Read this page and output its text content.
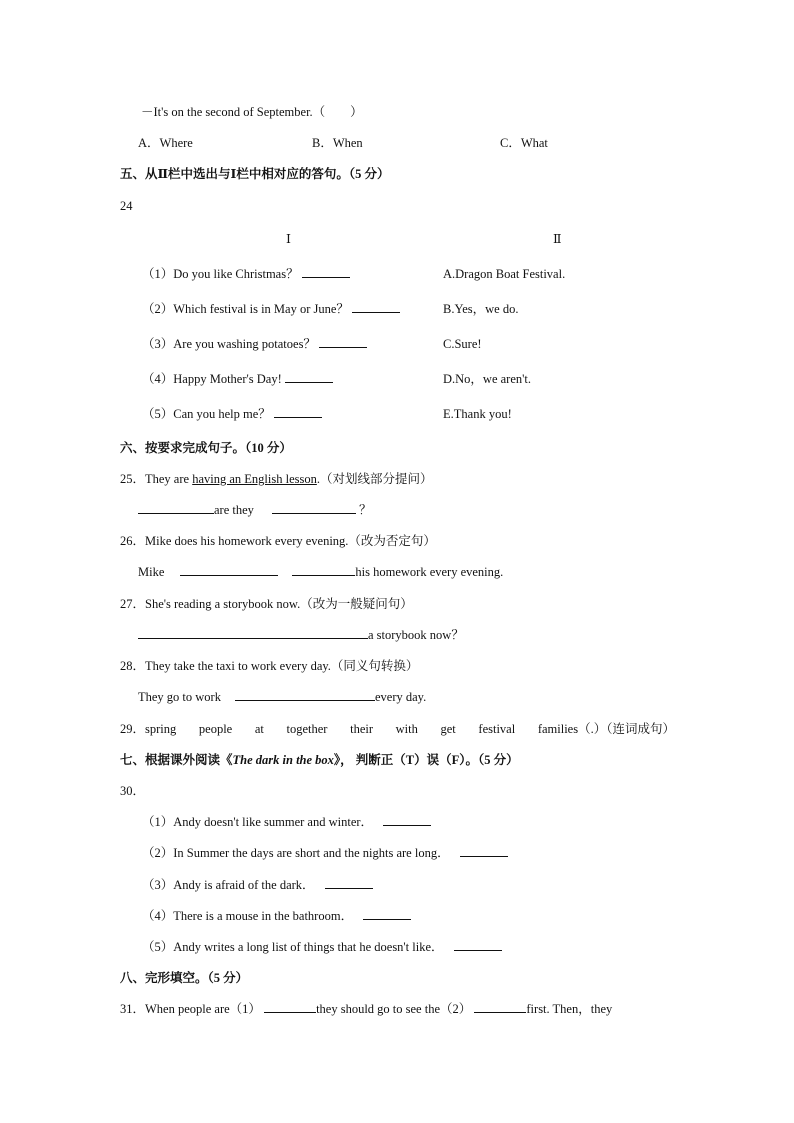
－It's on the second of September.（　　）
A．Where	B．When	C．What
五、从Ⅱ栏中选出与Ⅰ栏中相对应的答句。（5 分）
24
Ⅰ	Ⅱ
（1）Do you like Christmas？	A.Dragon Boat Festival.
（2）Which festival is in May or June？	B.Yes，we do.
（3）Are you washing potatoes？	C.Sure!
（4）Happy Mother's Day!	D.No，we aren't.
（5）Can you help me？	E.Thank you!
六、按要求完成句子。（10 分）
25．They are having an English lesson.（对划线部分提问）
are they	？
26．Mike does his homework every evening.（改为否定句）
Mike	his homework every evening.
27．She's reading a storybook now.（改为一般疑问句）
a storybook now？
28．They take the taxi to work every day.（同义句转换）
They go to work	every day.
29． spring people at together their with get festival families（.）（连词成句）
七、根据课外阅读《The dark in the box》， 判断正（T）误（F）。（5 分）
30．
（1）Andy doesn't like summer and winter．
（2）In Summer the days are short and the nights are long．
（3）Andy is afraid of the dark．
（4）There is a mouse in the bathroom．
（5）Andy writes a long list of things that he doesn't like．
八、完形填空。（5 分）
31．When people are（1）	they should go to see the（2）	first. Then，they
